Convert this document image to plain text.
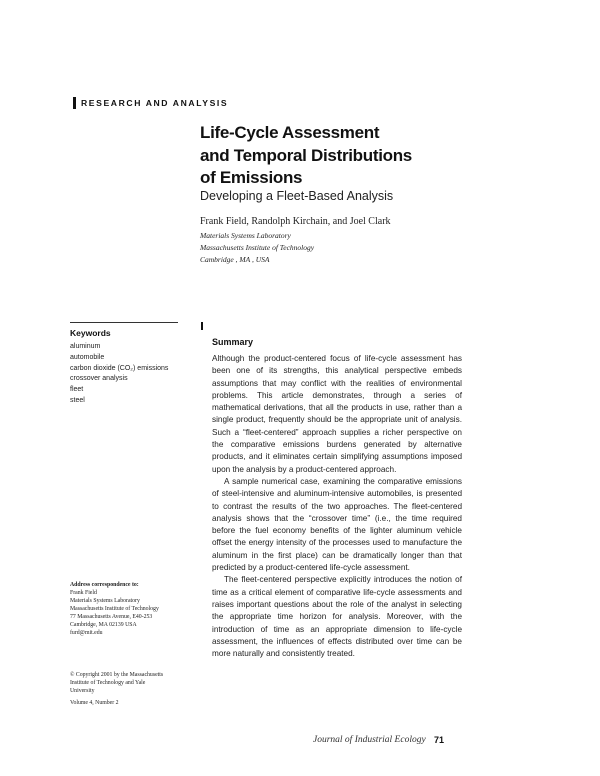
RESEARCH AND ANALYSIS
Life-Cycle Assessment
and Temporal Distributions
of Emissions
Developing a Fleet-Based Analysis
Frank Field, Randolph Kirchain, and Joel Clark
Materials Systems Laboratory
Massachusetts Institute of Technology
Cambridge , MA , USA
Keywords
aluminum
automobile
carbon dioxide (CO₂) emissions
crossover analysis
fleet
steel
Summary

Although the product-centered focus of life-cycle assessment has been one of its strengths, this analytical perspective embeds assumptions that may conflict with the realities of environmental problems. This article demonstrates, through a series of mathematical derivations, that all the products in use, rather than a single product, frequently should be the appropriate unit of analysis. Such a “fleet-centered” approach supplies a richer perspective on the comparative emissions burdens generated by alternative products, and it eliminates certain simplifying assumptions imposed upon the analysis by a product-centered approach.

A sample numerical case, examining the comparative emissions of steel-intensive and aluminum-intensive automobiles, is presented to contrast the results of the two approaches. The fleet-centered analysis shows that the “crossover time” (i.e., the time required before the fuel economy benefits of the lighter aluminum vehicle offset the energy intensity of the processes used to manufacture the aluminum in the first place) can be dramatically longer than that predicted by a product-centered life-cycle assessment.

The fleet-centered perspective explicitly introduces the notion of time as a critical element of comparative life-cycle assessments and raises important questions about the role of the analyst in selecting the appropriate time horizon for analysis. Moreover, with the introduction of time as an appropriate dimension to life-cycle assessment, the influences of effects distributed over time can be more naturally and consistently treated.

Address correspondence to:
Frank Field
Materials Systems Laboratory
Massachusetts Institute of Technology
77 Massachusetts Avenue, E40-253
Cambridge, MA 02139 USA
furd@mit.edu
© Copyright 2001 by the Massachusetts
Institute of Technology and Yale
University
Volume 4, Number 2
Journal of Industrial Ecology 71
